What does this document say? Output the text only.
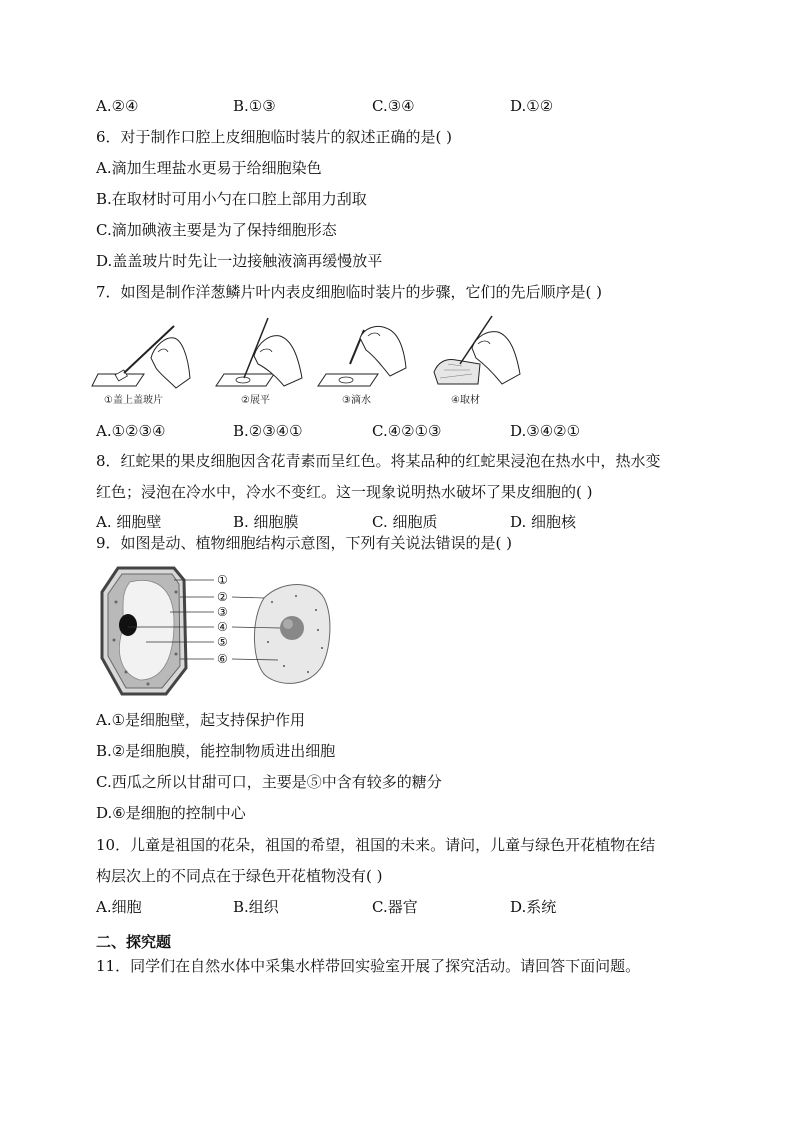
A.②④	B.①③	C.③④	D.①②
6．对于制作口腔上皮细胞临时装片的叙述正确的是( )
A.滴加生理盐水更易于给细胞染色
B.在取材时可用小勺在口腔上部用力刮取
C.滴加碘液主要是为了保持细胞形态
D.盖盖玻片时先让一边接触液滴再缓慢放平
7．如图是制作洋葱鳞片叶内表皮细胞临时装片的步骤，它们的先后顺序是( )
①盖上盖玻片	②展平	③滴水	④取材
A.①②③④	B.②③④①	C.④②①③	D.③④②①
8．红蛇果的果皮细胞因含花青素而呈红色。将某品种的红蛇果浸泡在热水中，热水变
红色；浸泡在冷水中，冷水不变红。这一现象说明热水破坏了果皮细胞的( )
A. 细胞壁	B. 细胞膜	C. 细胞质	D. 细胞核
9．如图是动、植物细胞结构示意图，下列有关说法错误的是( )
①
②
③
④
⑤
⑥
A.①是细胞壁，起支持保护作用
B.②是细胞膜，能控制物质进出细胞
C.西瓜之所以甘甜可口，主要是⑤中含有较多的糖分
D.⑥是细胞的控制中心
10．儿童是祖国的花朵，祖国的希望，祖国的未来。请问，儿童与绿色开花植物在结
构层次上的不同点在于绿色开花植物没有( )
A.细胞	B.组织	C.器官	D.系统
二、探究题
11．同学们在自然水体中采集水样带回实验室开展了探究活动。请回答下面问题。
